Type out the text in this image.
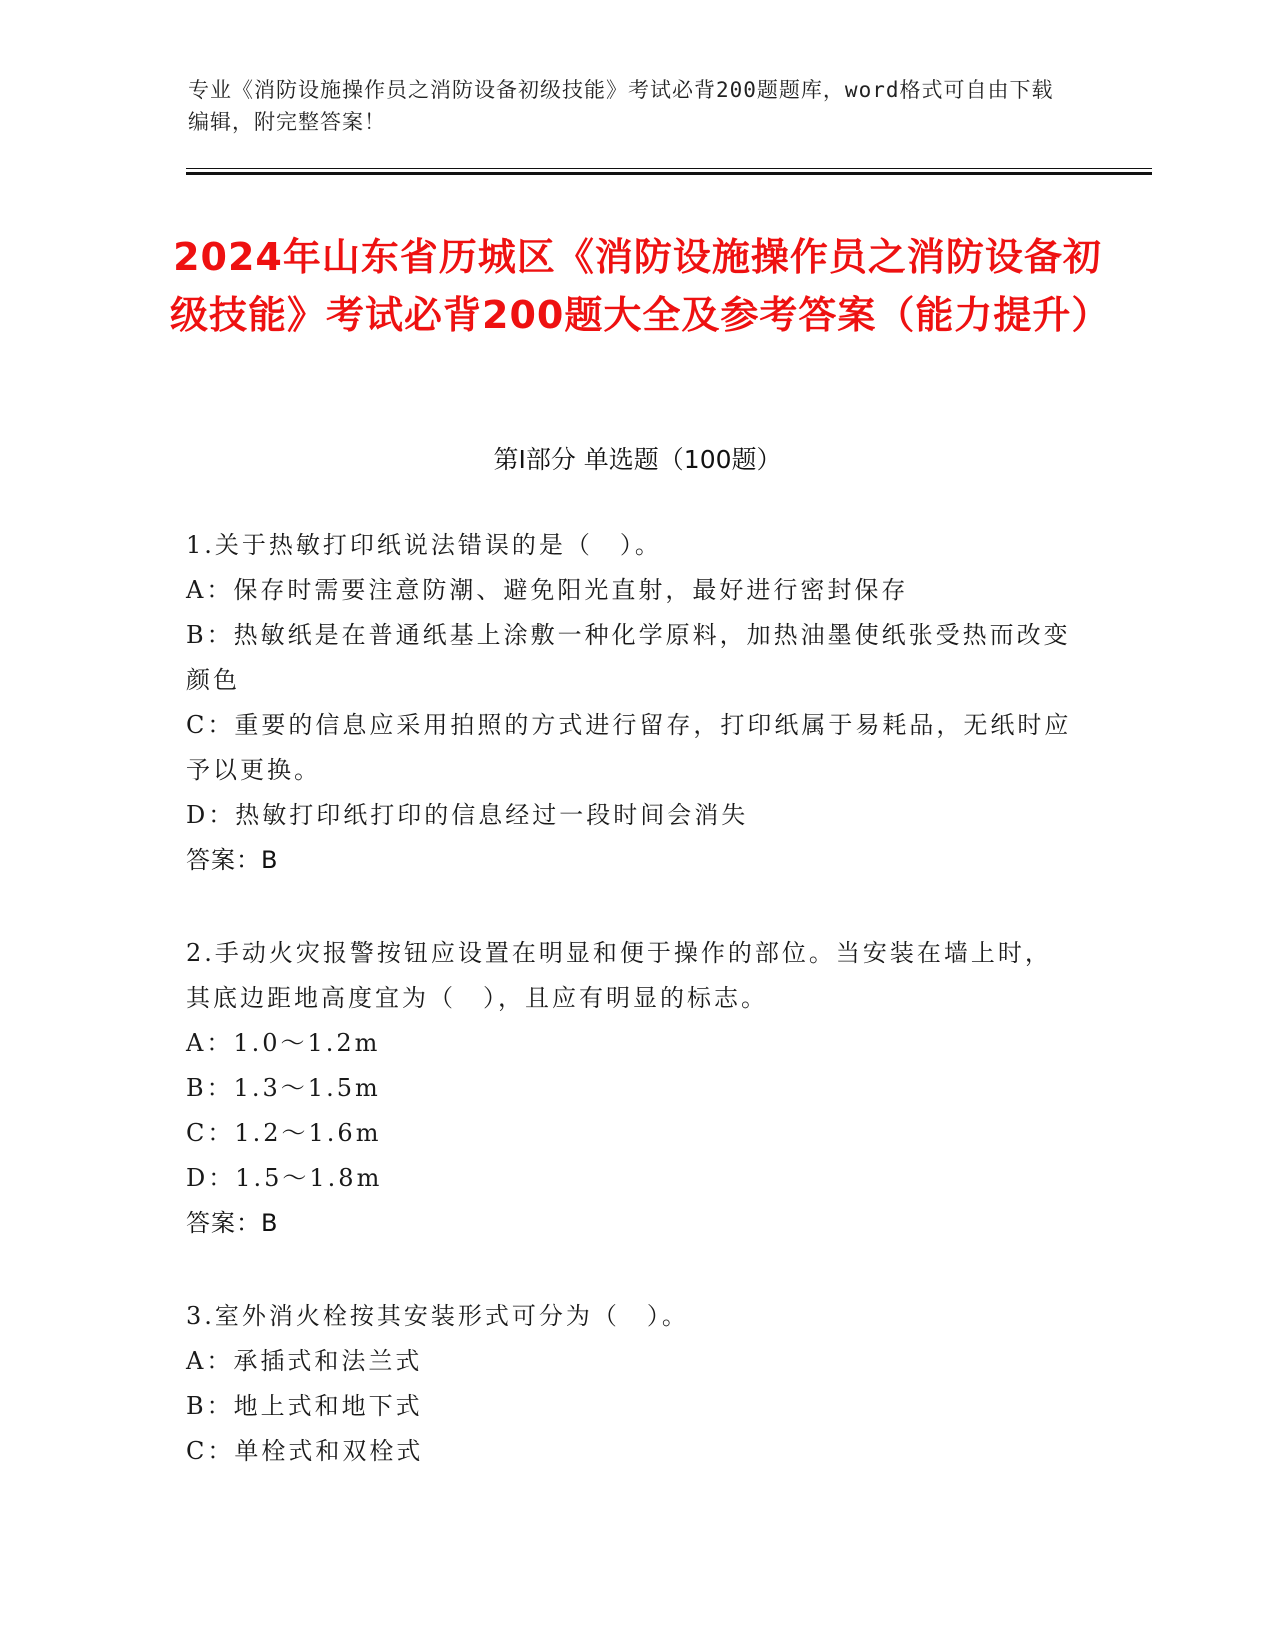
专业《消防设施操作员之消防设备初级技能》考试必背200题题库，word格式可自由下载编辑，附完整答案！
2024年山东省历城区《消防设施操作员之消防设备初级技能》考试必背200题大全及参考答案（能力提升）
第I部分 单选题（100题）

1.关于热敏打印纸说法错误的是（　）。

A：保存时需要注意防潮、避免阳光直射，最好进行密封保存

B：热敏纸是在普通纸基上涂敷一种化学原料，加热油墨使纸张受热而改变颜色

C：重要的信息应采用拍照的方式进行留存，打印纸属于易耗品，无纸时应予以更换。

D：热敏打印纸打印的信息经过一段时间会消失

答案：B

2.手动火灾报警按钮应设置在明显和便于操作的部位。当安装在墙上时，其底边距地高度宜为（　），且应有明显的标志。

A：1.0～1.2m

B：1.3～1.5m

C：1.2～1.6m

D：1.5～1.8m

答案：B

3.室外消火栓按其安装形式可分为（　）。

A：承插式和法兰式

B：地上式和地下式

C：单栓式和双栓式
